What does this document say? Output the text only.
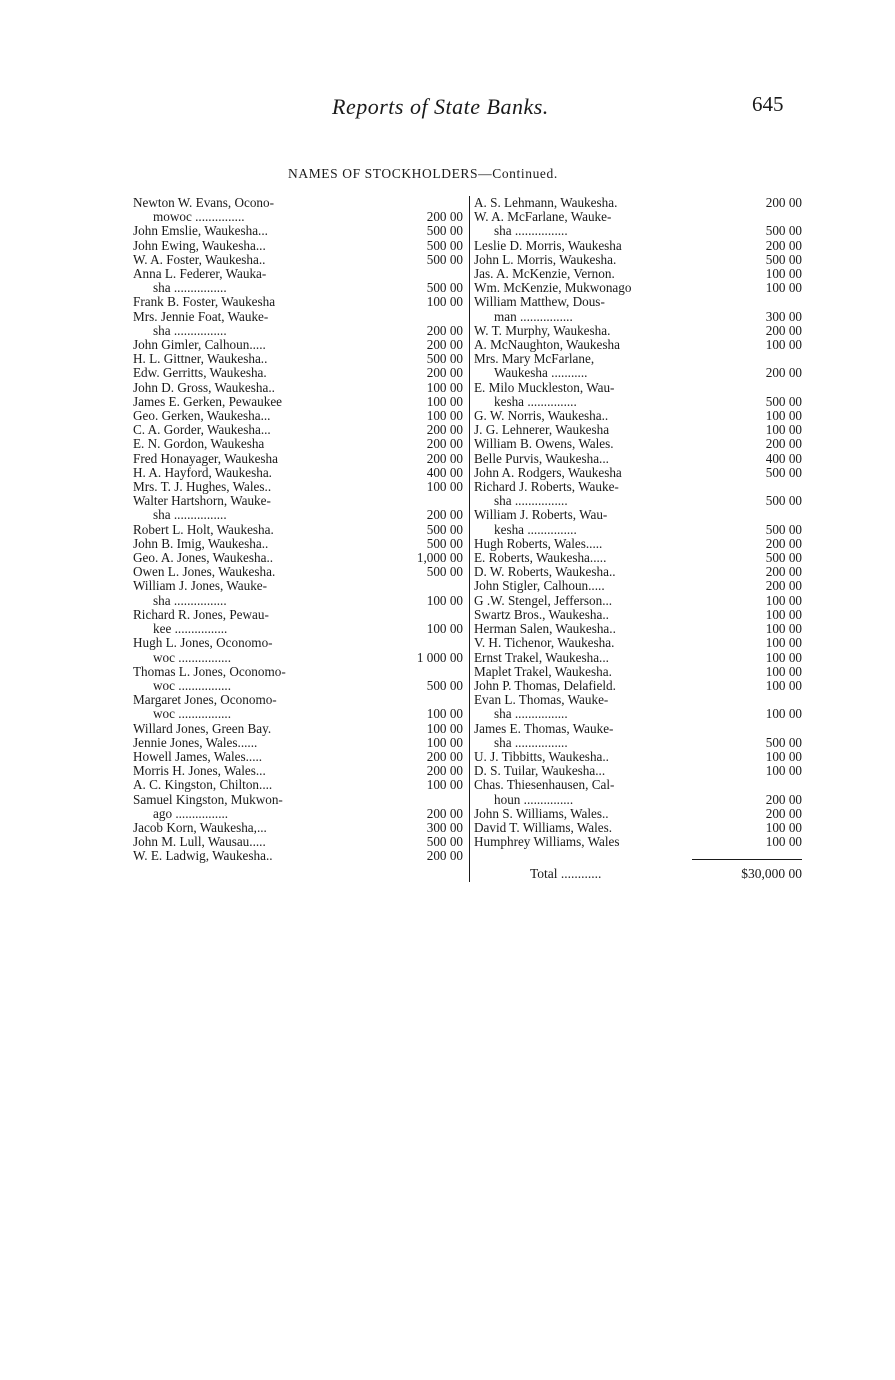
Reports of State Banks.	645
NAMES OF STOCKHOLDERS—Continued.
Newton W. Evans, Ocono-
mowoc ...............	200 00
John Emslie, Waukesha...	500 00
John Ewing, Waukesha...	500 00
W. A. Foster, Waukesha..	500 00
Anna L. Federer, Wauka-
sha ................	500 00
Frank B. Foster, Waukesha	100 00
Mrs. Jennie Foat, Wauke-
sha ................	200 00
John Gimler, Calhoun.....	200 00
H. L. Gittner, Waukesha..	500 00
Edw. Gerritts, Waukesha.	200 00
John D. Gross, Waukesha..	100 00
James E. Gerken, Pewaukee	100 00
Geo. Gerken, Waukesha...	100 00
C. A. Gorder, Waukesha...	200 00
E. N. Gordon, Waukesha	200 00
Fred Honayager, Waukesha	200 00
H. A. Hayford, Waukesha.	400 00
Mrs. T. J. Hughes, Wales..	100 00
Walter Hartshorn, Wauke-
sha ................	200 00
Robert L. Holt, Waukesha.	500 00
John B. Imig, Waukesha..	500 00
Geo. A. Jones, Waukesha..	1,000 00
Owen L. Jones, Waukesha.	500 00
William J. Jones, Wauke-
sha ................	100 00
Richard R. Jones, Pewau-
kee ................	100 00
Hugh L. Jones, Oconomo-
woc ................	1 000 00
Thomas L. Jones, Oconomo-
woc ................	500 00
Margaret Jones, Oconomo-
woc ................	100 00
Willard Jones, Green Bay.	100 00
Jennie Jones, Wales......	100 00
Howell James, Wales.....	200 00
Morris H. Jones, Wales...	200 00
A. C. Kingston, Chilton....	100 00
Samuel Kingston, Mukwon-
ago ................	200 00
Jacob Korn, Waukesha,...	300 00
John M. Lull, Wausau.....	500 00
W. E. Ladwig, Waukesha..	200 00
A. S. Lehmann, Waukesha.	200 00
W. A. McFarlane, Wauke-
sha ................	500 00
Leslie D. Morris, Waukesha	200 00
John L. Morris, Waukesha.	500 00
Jas. A. McKenzie, Vernon.	100 00
Wm. McKenzie, Mukwonago	100 00
William Matthew, Dous-
man ................	300 00
W. T. Murphy, Waukesha.	200 00
A. McNaughton, Waukesha	100 00
Mrs. Mary McFarlane,
Waukesha ...........	200 00
E. Milo Muckleston, Wau-
kesha ...............	500 00
G. W. Norris, Waukesha..	100 00
J. G. Lehnerer, Waukesha	100 00
William B. Owens, Wales.	200 00
Belle Purvis, Waukesha...	400 00
John A. Rodgers, Waukesha	500 00
Richard J. Roberts, Wauke-
sha ................	500 00
William J. Roberts, Wau-
kesha ...............	500 00
Hugh Roberts, Wales.....	200 00
E. Roberts, Waukesha.....	500 00
D. W. Roberts, Waukesha..	200 00
John Stigler, Calhoun.....	200 00
G .W. Stengel, Jefferson...	100 00
Swartz Bros., Waukesha..	100 00
Herman Salen, Waukesha..	100 00
V. H. Tichenor, Waukesha.	100 00
Ernst Trakel, Waukesha...	100 00
Maplet Trakel, Waukesha.	100 00
John P. Thomas, Delafield.	100 00
Evan L. Thomas, Wauke-
sha ................	100 00
James E. Thomas, Wauke-
sha ................	500 00
U. J. Tibbitts, Waukesha..	100 00
D. S. Tuilar, Waukesha...	100 00
Chas. Thiesenhausen, Cal-
houn ...............	200 00
John S. Williams, Wales..	200 00
David T. Williams, Wales.	100 00
Humphrey Williams, Wales	100 00
Total ............	$30,000 00
